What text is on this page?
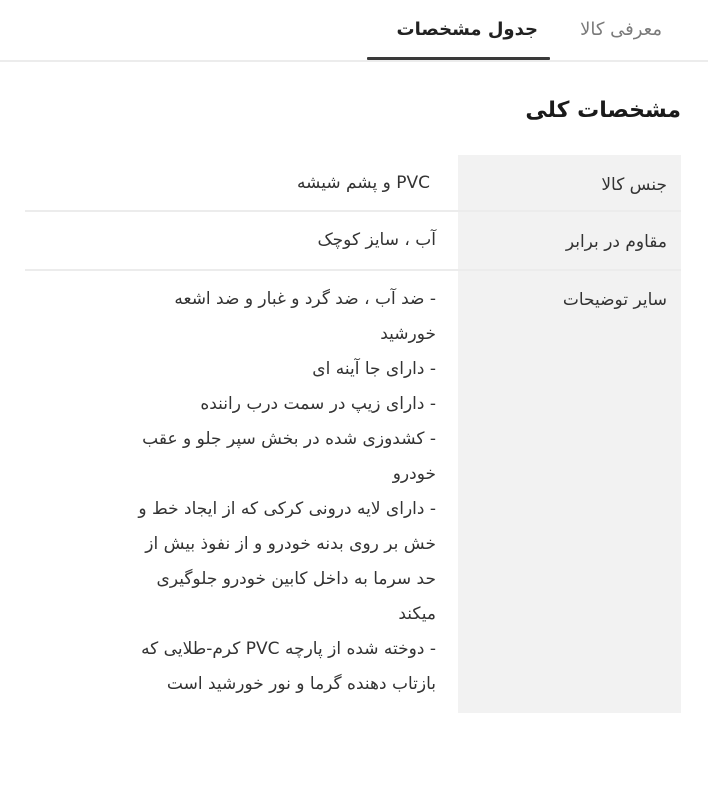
معرفی کالا
جدول مشخصات
مشخصات کلی
جنس کالا
PVC و پشم شیشه
مقاوم در برابر
آب ، سایز کوچک
سایر توضیحات
- ضد آب ، ضد گرد و غبار و ضد اشعه
خورشید
- دارای جا آینه ای
- دارای زیپ در سمت درب راننده
- کشدوزی شده در بخش سپر جلو و عقب
خودرو
- دارای لایه درونی کرکی که از ایجاد خط و
خش بر روی بدنه خودرو و از نفوذ بیش از
حد سرما به داخل کابین خودرو جلوگیری
میکند
- دوخته شده از پارچه PVC کرم-طلایی که
بازتاب دهنده گرما و نور خورشید است
